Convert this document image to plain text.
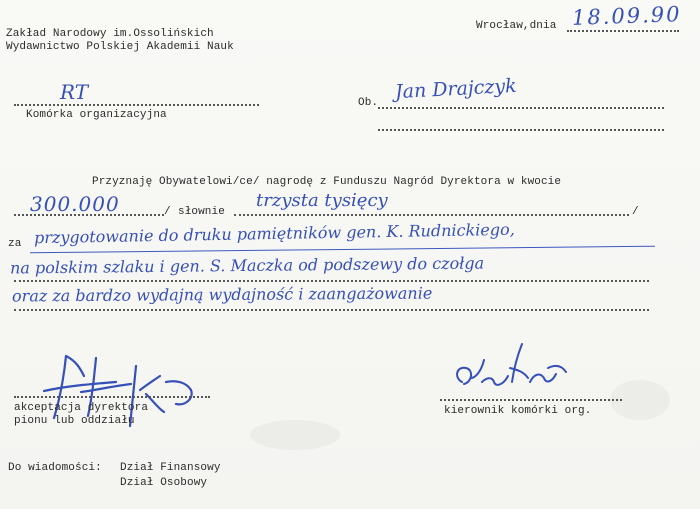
Zakład Narodowy im.Ossolińskich
Wydawnictwo Polskiej Akademii Nauk
Wrocław,dnia 18.09.90
RT
Komórka organizacyjna
Ob. Jan Drajczyk
Przyznaję Obywatelowi/ce/ nagrodę z Funduszu Nagród Dyrektora w kwocie
300.000	/ słownie
trzysta tysięcy
/
za przygotowanie do druku pamiętników gen. K. Rudnickiego,
na polskim szlaku i gen. S. Maczka od podszewy do czołga
oraz za bardzo wydajną wydajność i zaangażowanie
akceptacja dyrektora
pionu lub oddziału
kierownik komórki org.
Do wiadomości: Dział Finansowy
Dział Osobowy
